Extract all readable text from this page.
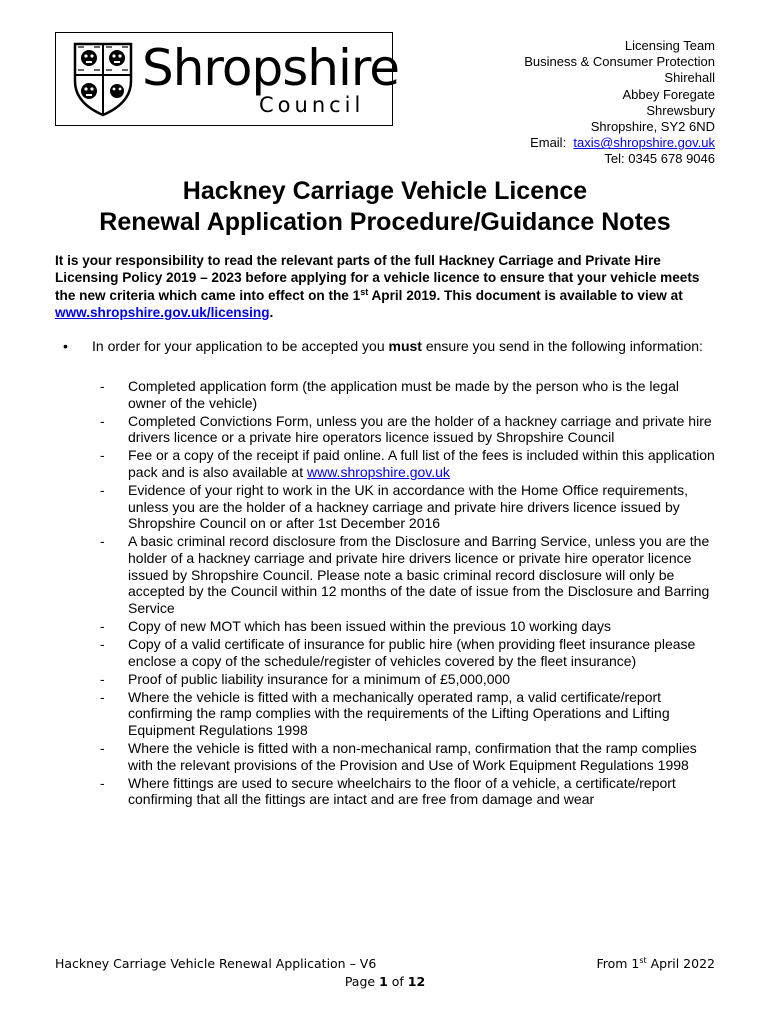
Shropshire
Council
Licensing Team
Business & Consumer Protection
Shirehall
Abbey Foregate
Shrewsbury
Shropshire, SY2 6ND
Email: taxis@shropshire.gov.uk
Tel: 0345 678 9046
Hackney Carriage Vehicle Licence
Renewal Application Procedure/Guidance Notes
It is your responsibility to read the relevant parts of the full Hackney Carriage and Private Hire Licensing Policy 2019 – 2023 before applying for a vehicle licence to ensure that your vehicle meets the new criteria which came into effect on the 1st April 2019. This document is available to view at www.shropshire.gov.uk/licensing.
• In order for your application to be accepted you must ensure you send in the following information:
- Completed application form (the application must be made by the person who is the legal owner of the vehicle)
- Completed Convictions Form, unless you are the holder of a hackney carriage and private hire drivers licence or a private hire operators licence issued by Shropshire Council
- Fee or a copy of the receipt if paid online. A full list of the fees is included within this application pack and is also available at www.shropshire.gov.uk
- Evidence of your right to work in the UK in accordance with the Home Office requirements, unless you are the holder of a hackney carriage and private hire drivers licence issued by Shropshire Council on or after 1st December 2016
- A basic criminal record disclosure from the Disclosure and Barring Service, unless you are the holder of a hackney carriage and private hire drivers licence or private hire operator licence issued by Shropshire Council. Please note a basic criminal record disclosure will only be accepted by the Council within 12 months of the date of issue from the Disclosure and Barring Service
- Copy of new MOT which has been issued within the previous 10 working days
- Copy of a valid certificate of insurance for public hire (when providing fleet insurance please enclose a copy of the schedule/register of vehicles covered by the fleet insurance)
- Proof of public liability insurance for a minimum of £5,000,000
- Where the vehicle is fitted with a mechanically operated ramp, a valid certificate/report confirming the ramp complies with the requirements of the Lifting Operations and Lifting Equipment Regulations 1998
- Where the vehicle is fitted with a non-mechanical ramp, confirmation that the ramp complies with the relevant provisions of the Provision and Use of Work Equipment Regulations 1998
- Where fittings are used to secure wheelchairs to the floor of a vehicle, a certificate/report confirming that all the fittings are intact and are free from damage and wear
Hackney Carriage Vehicle Renewal Application – V6	From 1st April 2022
Page 1 of 12
